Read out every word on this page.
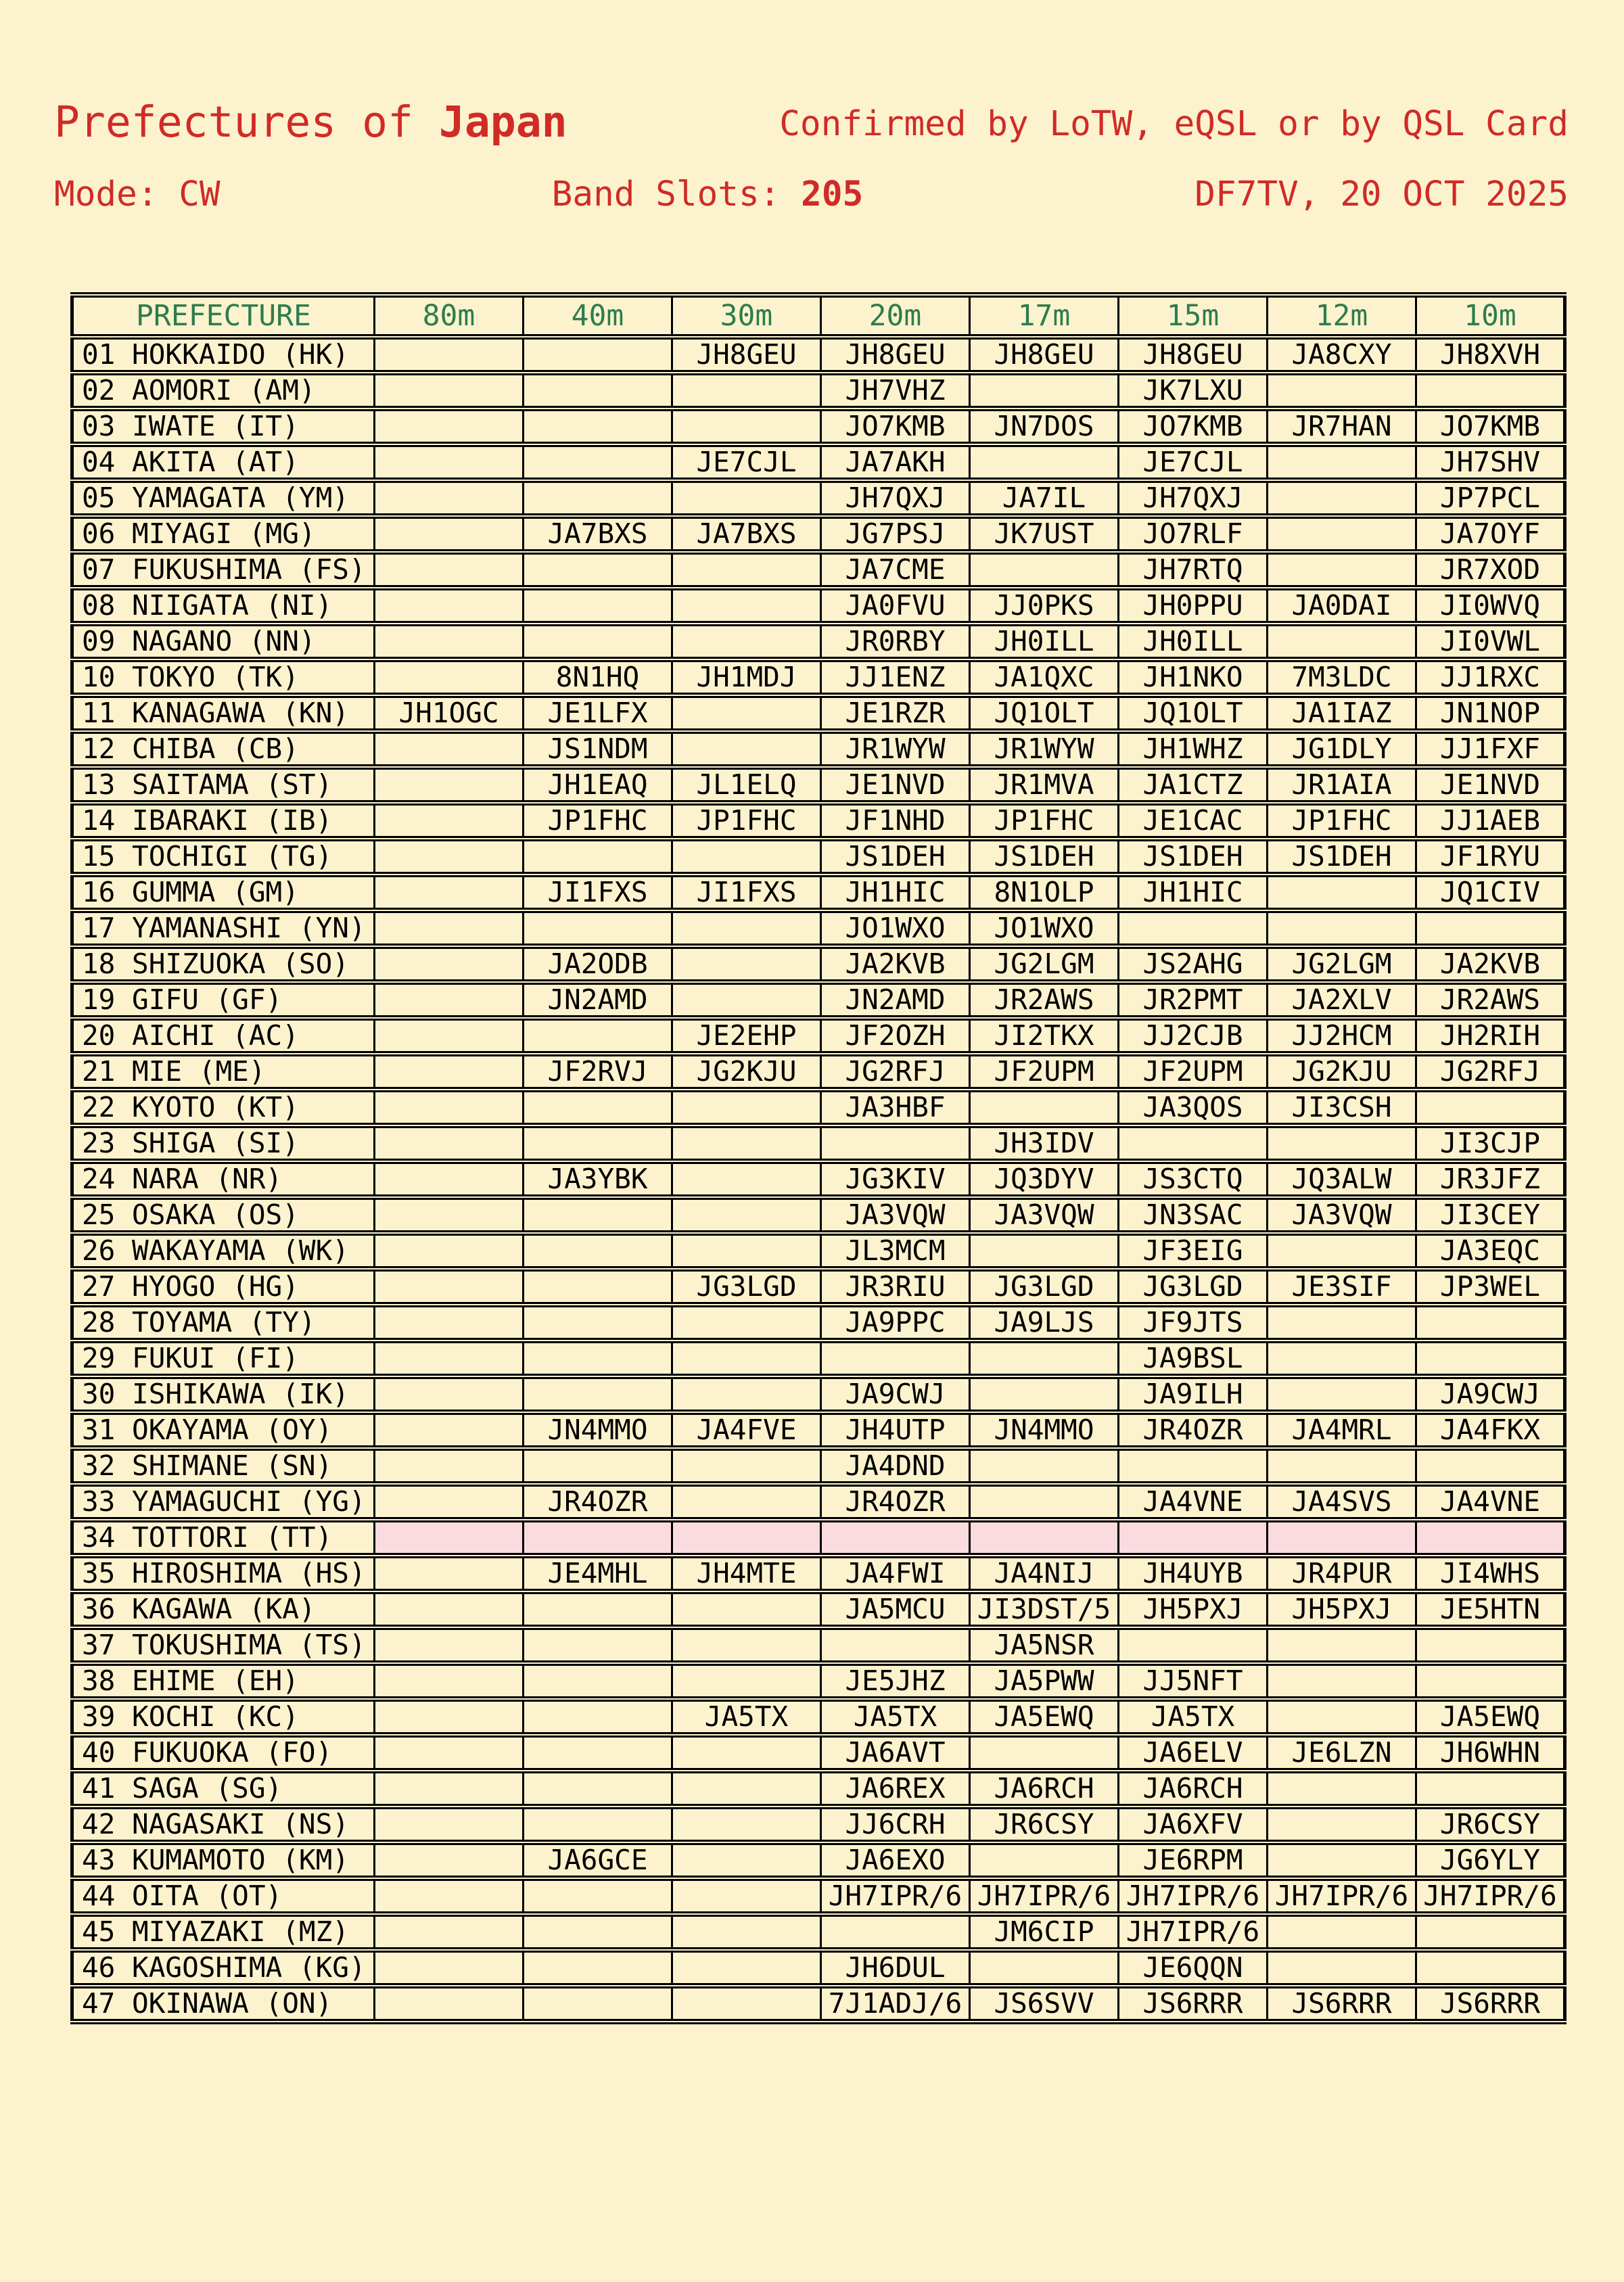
Prefectures of Japan	Confirmed by LoTW, eQSL or by QSL Card
Mode: CW	Band Slots: 205	DF7TV, 20 OCT 2025
PREFECTURE	80m	40m	30m	20m	17m	15m	12m	10m
01 HOKKAIDO (HK)			JH8GEU	JH8GEU	JH8GEU	JH8GEU	JA8CXY	JH8XVH
02 AOMORI (AM)				JH7VHZ		JK7LXU		
03 IWATE (IT)				JO7KMB	JN7DOS	JO7KMB	JR7HAN	JO7KMB
04 AKITA (AT)			JE7CJL	JA7AKH		JE7CJL		JH7SHV
05 YAMAGATA (YM)				JH7QXJ	JA7IL	JH7QXJ		JP7PCL
06 MIYAGI (MG)		JA7BXS	JA7BXS	JG7PSJ	JK7UST	JO7RLF		JA7OYF
07 FUKUSHIMA (FS)				JA7CME		JH7RTQ		JR7XOD
08 NIIGATA (NI)				JA0FVU	JJ0PKS	JH0PPU	JA0DAI	JI0WVQ
09 NAGANO (NN)				JR0RBY	JH0ILL	JH0ILL		JI0VWL
10 TOKYO (TK)		8N1HQ	JH1MDJ	JJ1ENZ	JA1QXC	JH1NKO	7M3LDC	JJ1RXC
11 KANAGAWA (KN)	JH1OGC	JE1LFX		JE1RZR	JQ1OLT	JQ1OLT	JA1IAZ	JN1NOP
12 CHIBA (CB)		JS1NDM		JR1WYW	JR1WYW	JH1WHZ	JG1DLY	JJ1FXF
13 SAITAMA (ST)		JH1EAQ	JL1ELQ	JE1NVD	JR1MVA	JA1CTZ	JR1AIA	JE1NVD
14 IBARAKI (IB)		JP1FHC	JP1FHC	JF1NHD	JP1FHC	JE1CAC	JP1FHC	JJ1AEB
15 TOCHIGI (TG)				JS1DEH	JS1DEH	JS1DEH	JS1DEH	JF1RYU
16 GUMMA (GM)		JI1FXS	JI1FXS	JH1HIC	8N1OLP	JH1HIC		JQ1CIV
17 YAMANASHI (YN)				JO1WXO	JO1WXO			
18 SHIZUOKA (SO)		JA2ODB		JA2KVB	JG2LGM	JS2AHG	JG2LGM	JA2KVB
19 GIFU (GF)		JN2AMD		JN2AMD	JR2AWS	JR2PMT	JA2XLV	JR2AWS
20 AICHI (AC)			JE2EHP	JF2OZH	JI2TKX	JJ2CJB	JJ2HCM	JH2RIH
21 MIE (ME)		JF2RVJ	JG2KJU	JG2RFJ	JF2UPM	JF2UPM	JG2KJU	JG2RFJ
22 KYOTO (KT)				JA3HBF		JA3QOS	JI3CSH	
23 SHIGA (SI)					JH3IDV			JI3CJP
24 NARA (NR)		JA3YBK		JG3KIV	JQ3DYV	JS3CTQ	JQ3ALW	JR3JFZ
25 OSAKA (OS)				JA3VQW	JA3VQW	JN3SAC	JA3VQW	JI3CEY
26 WAKAYAMA (WK)				JL3MCM		JF3EIG		JA3EQC
27 HYOGO (HG)			JG3LGD	JR3RIU	JG3LGD	JG3LGD	JE3SIF	JP3WEL
28 TOYAMA (TY)				JA9PPC	JA9LJS	JF9JTS		
29 FUKUI (FI)						JA9BSL		
30 ISHIKAWA (IK)				JA9CWJ		JA9ILH		JA9CWJ
31 OKAYAMA (OY)		JN4MMO	JA4FVE	JH4UTP	JN4MMO	JR4OZR	JA4MRL	JA4FKX
32 SHIMANE (SN)				JA4DND				
33 YAMAGUCHI (YG)		JR4OZR		JR4OZR		JA4VNE	JA4SVS	JA4VNE
34 TOTTORI (TT)								
35 HIROSHIMA (HS)		JE4MHL	JH4MTE	JA4FWI	JA4NIJ	JH4UYB	JR4PUR	JI4WHS
36 KAGAWA (KA)				JA5MCU	JI3DST/5	JH5PXJ	JH5PXJ	JE5HTN
37 TOKUSHIMA (TS)					JA5NSR			
38 EHIME (EH)				JE5JHZ	JA5PWW	JJ5NFT		
39 KOCHI (KC)			JA5TX	JA5TX	JA5EWQ	JA5TX		JA5EWQ
40 FUKUOKA (FO)				JA6AVT		JA6ELV	JE6LZN	JH6WHN
41 SAGA (SG)				JA6REX	JA6RCH	JA6RCH		
42 NAGASAKI (NS)				JJ6CRH	JR6CSY	JA6XFV		JR6CSY
43 KUMAMOTO (KM)		JA6GCE		JA6EXO		JE6RPM		JG6YLY
44 OITA (OT)				JH7IPR/6	JH7IPR/6	JH7IPR/6	JH7IPR/6	JH7IPR/6
45 MIYAZAKI (MZ)					JM6CIP	JH7IPR/6		
46 KAGOSHIMA (KG)				JH6DUL		JE6QQN		
47 OKINAWA (ON)				7J1ADJ/6	JS6SVV	JS6RRR	JS6RRR	JS6RRR
